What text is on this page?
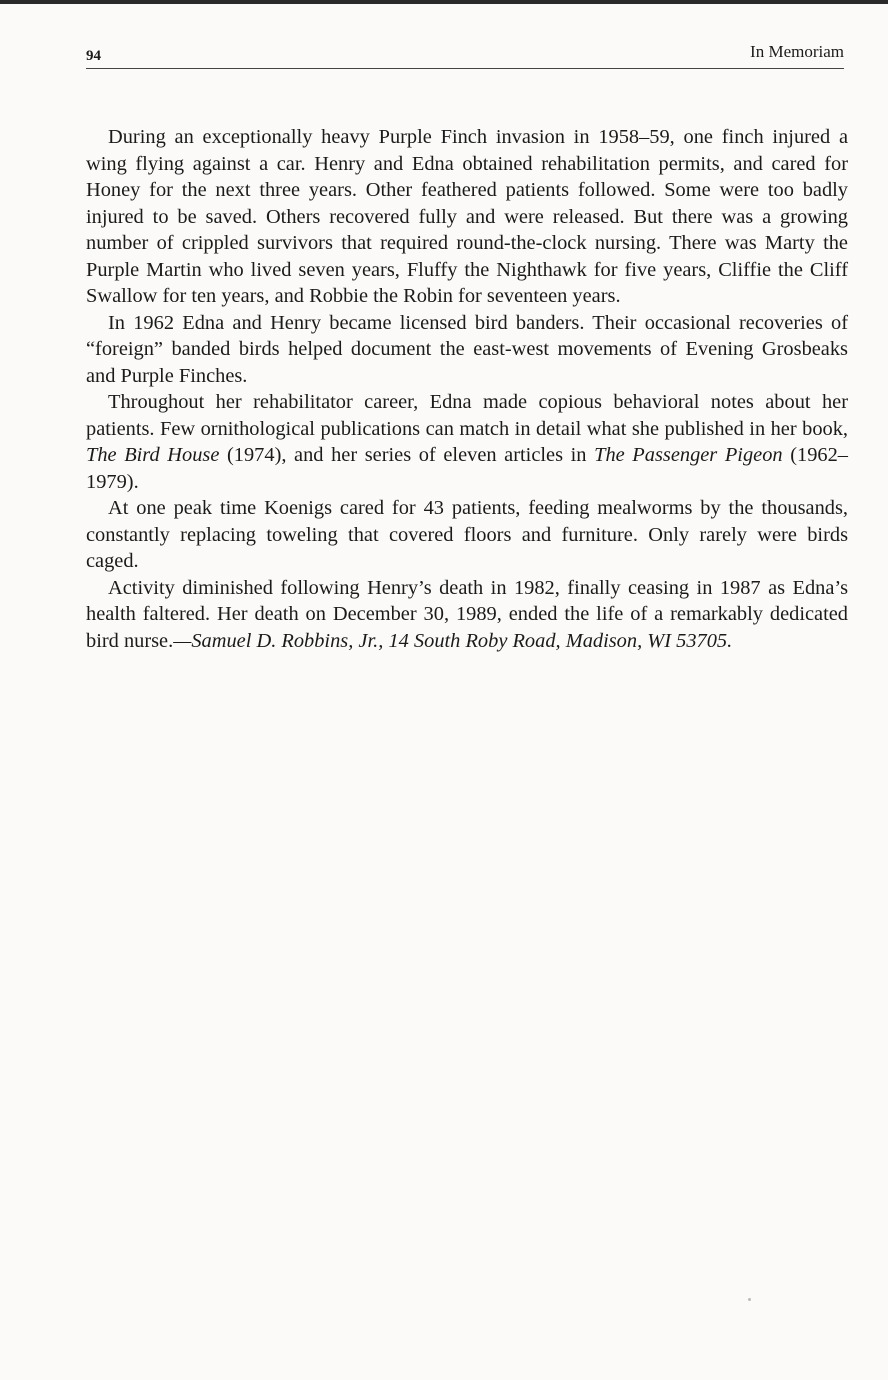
94	In Memoriam

During an exceptionally heavy Purple Finch invasion in 1958–59, one finch injured a wing flying against a car. Henry and Edna obtained rehabilitation permits, and cared for Honey for the next three years. Other feathered patients followed. Some were too badly injured to be saved. Others recovered fully and were released. But there was a growing number of crippled survivors that required round-the-clock nursing. There was Marty the Purple Martin who lived seven years, Fluffy the Nighthawk for five years, Cliffie the Cliff Swallow for ten years, and Robbie the Robin for seventeen years.

In 1962 Edna and Henry became licensed bird banders. Their occasional recoveries of “foreign” banded birds helped document the east-west movements of Evening Grosbeaks and Purple Finches.

Throughout her rehabilitator career, Edna made copious behavioral notes about her patients. Few ornithological publications can match in detail what she published in her book, The Bird House (1974), and her series of eleven articles in The Passenger Pigeon (1962–1979).

At one peak time Koenigs cared for 43 patients, feeding mealworms by the thousands, constantly replacing toweling that covered floors and furniture. Only rarely were birds caged.

Activity diminished following Henry’s death in 1982, finally ceasing in 1987 as Edna’s health faltered. Her death on December 30, 1989, ended the life of a remarkably dedicated bird nurse.—Samuel D. Robbins, Jr., 14 South Roby Road, Madison, WI 53705.
